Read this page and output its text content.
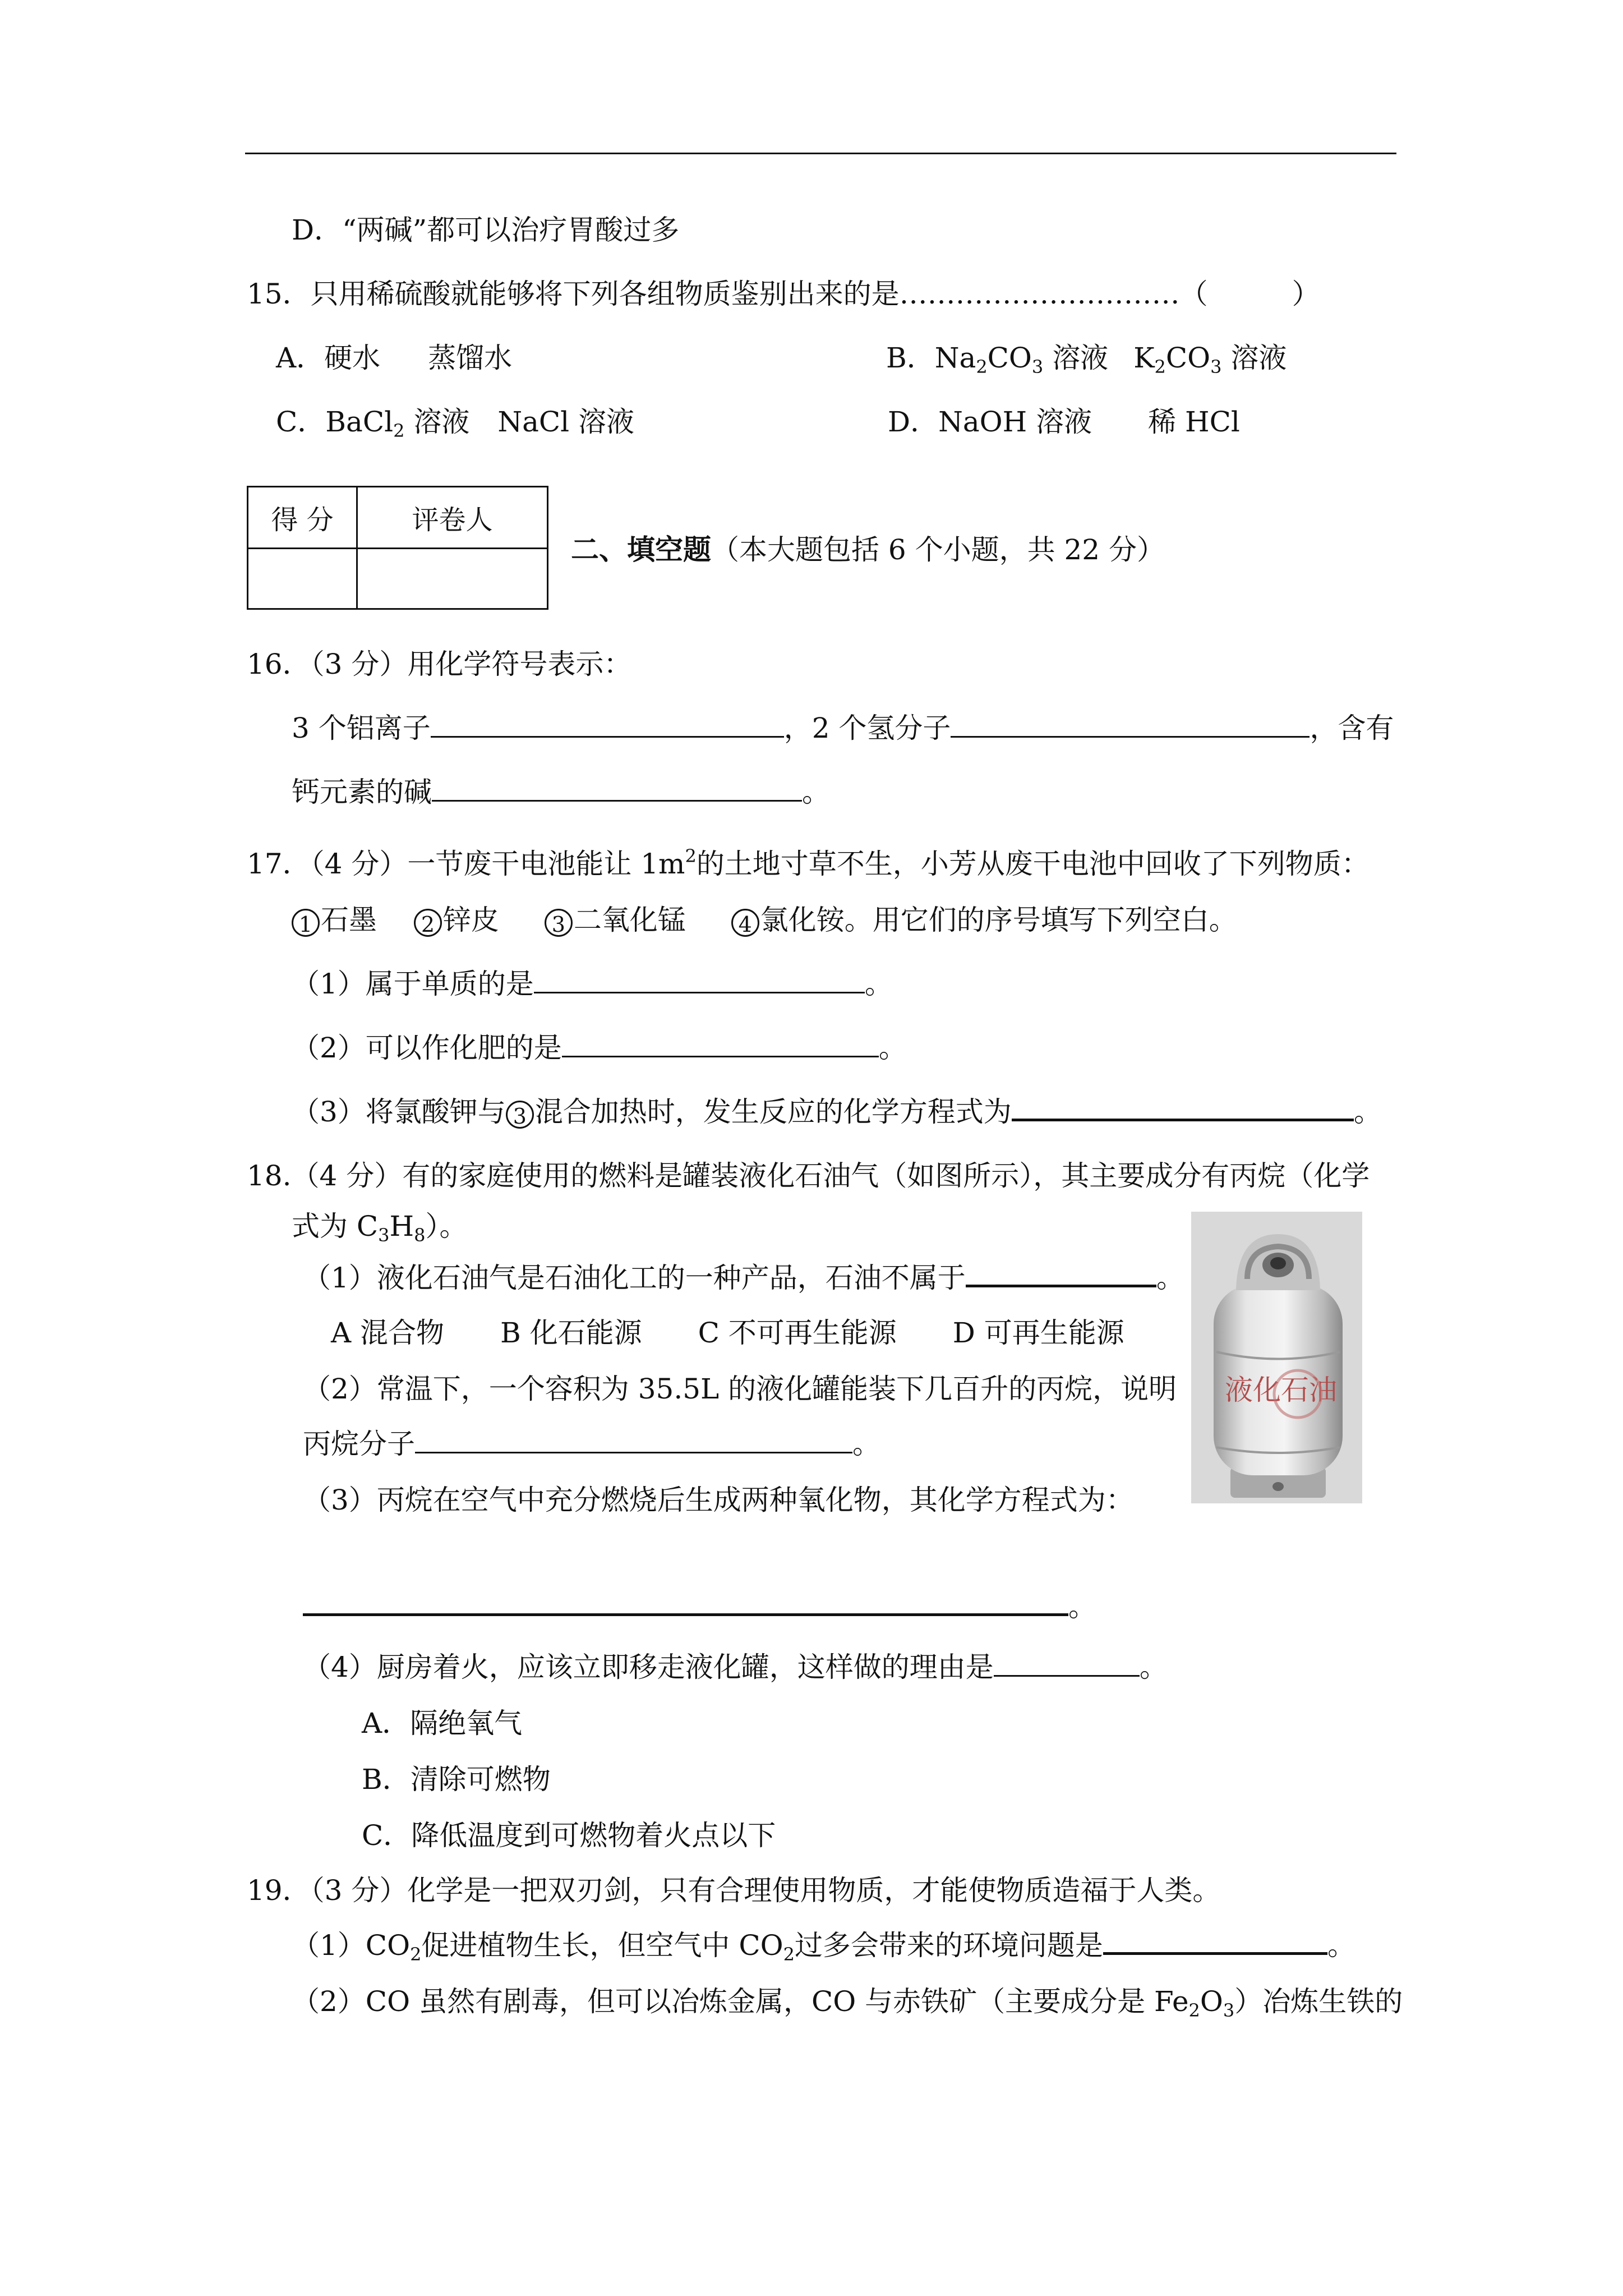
D．“两碱”都可以治疗胃酸过多
15．只用稀硫酸就能够将下列各组物质鉴别出来的是…………………………（　　　）
A．硬水 蒸馏水	B．$Na_2CO_3$ 溶液 $K_2CO_3$ 溶液
C．BaCl$_2$ 溶液　NaCl 溶液	D．NaOH 溶液　　稀 HCl
得 分	评卷人

二、填空题（本大题包括 6 个小题，共 22 分）
16．（3 分）用化学符号表示：
3 个铝离子	，2 个氢分子	，含有
钙元素的碱	。
17．（4 分）一节废干电池能让 $1m^2$的土地寸草不生，小芳从废干电池中回收了下列物质：
1 石墨 2 锌皮 3 二氧化锰 4 氯化铵。用它们的序号填写下列空白。
（1）属于单质的是	。
（2）可以作化肥的是	。
（3）将氯酸钾与 3 混合加热时，发生反应的化学方程式为	。
18.（4 分）有的家庭使用的燃料是罐装液化石油气（如图所示），其主要成分有丙烷（化学
式为 $C_3H_8$）。
（1）液化石油气是石油化工的一种产品，石油不属于	。
A 混合物　　B 化石能源　　C 不可再生能源　　D 可再生能源
（2）常温下，一个容积为 35.5L 的液化罐能装下几百升的丙烷，说明
丙烷分子	。
（3）丙烷在空气中充分燃烧后生成两种氧化物，其化学方程式为：
。
（4）厨房着火，应该立即移走液化罐，这样做的理由是	。
A．隔绝氧气
B．清除可燃物
C．降低温度到可燃物着火点以下
液化石油
19．（3 分）化学是一把双刃剑，只有合理使用物质，才能使物质造福于人类。
$(1)CO_2$促进植物生长，但空气中 $CO_2$过多会带来的环境问题是	。
（2）CO 虽然有剧毒，但可以冶炼金属，CO 与赤铁矿（主要成分是 $Fe_2O_3$）冶炼生铁的
